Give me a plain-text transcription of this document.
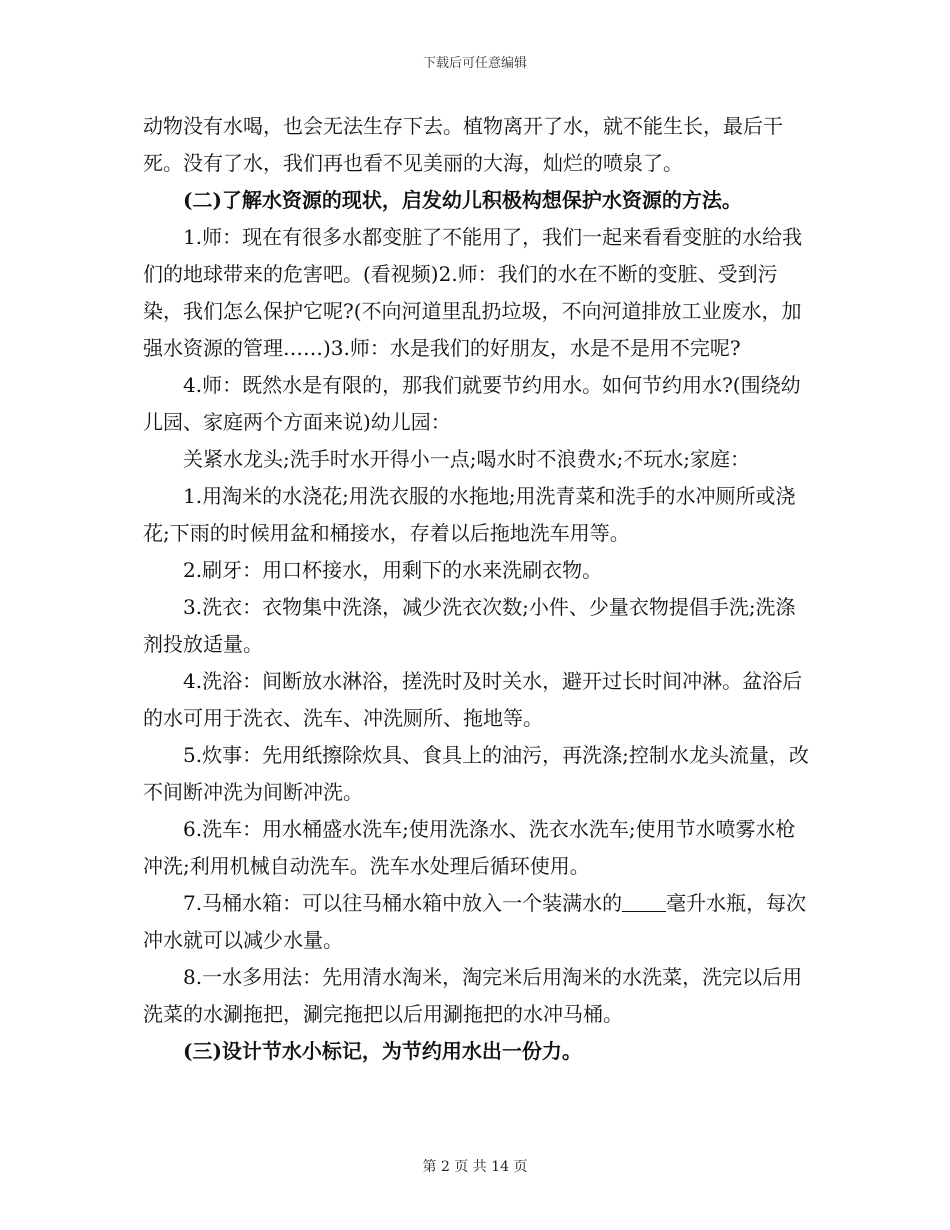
下载后可任意编辑

动物没有水喝，也会无法生存下去。植物离开了水，就不能生长，最后干死。没有了水，我们再也看不见美丽的大海，灿烂的喷泉了。

(二)了解水资源的现状，启发幼儿积极构想保护水资源的方法。

1.师：现在有很多水都变脏了不能用了，我们一起来看看变脏的水给我们的地球带来的危害吧。(看视频)2.师：我们的水在不断的变脏、受到污染，我们怎么保护它呢?(不向河道里乱扔垃圾，不向河道排放工业废水，加强水资源的管理……)3.师：水是我们的好朋友，水是不是用不完呢?

4.师：既然水是有限的，那我们就要节约用水。如何节约用水?(围绕幼儿园、家庭两个方面来说)幼儿园：

关紧水龙头;洗手时水开得小一点;喝水时不浪费水;不玩水;家庭：

1.用淘米的水浇花;用洗衣服的水拖地;用洗青菜和洗手的水冲厕所或浇花;下雨的时候用盆和桶接水，存着以后拖地洗车用等。

2.刷牙：用口杯接水，用剩下的水来洗刷衣物。

3.洗衣：衣物集中洗涤，减少洗衣次数;小件、少量衣物提倡手洗;洗涤剂投放适量。

4.洗浴：间断放水淋浴，搓洗时及时关水，避开过长时间冲淋。盆浴后的水可用于洗衣、洗车、冲洗厕所、拖地等。

5.炊事：先用纸擦除炊具、食具上的油污，再洗涤;控制水龙头流量，改不间断冲洗为间断冲洗。

6.洗车：用水桶盛水洗车;使用洗涤水、洗衣水洗车;使用节水喷雾水枪冲洗;利用机械自动洗车。洗车水处理后循环使用。

7.马桶水箱：可以往马桶水箱中放入一个装满水的 毫升水瓶，每次冲水就可以减少水量。

8.一水多用法：先用清水淘米，淘完米后用淘米的水洗菜，洗完以后用洗菜的水涮拖把，涮完拖把以后用涮拖把的水冲马桶。

(三)设计节水小标记，为节约用水出一份力。

第 2 页 共 14 页
